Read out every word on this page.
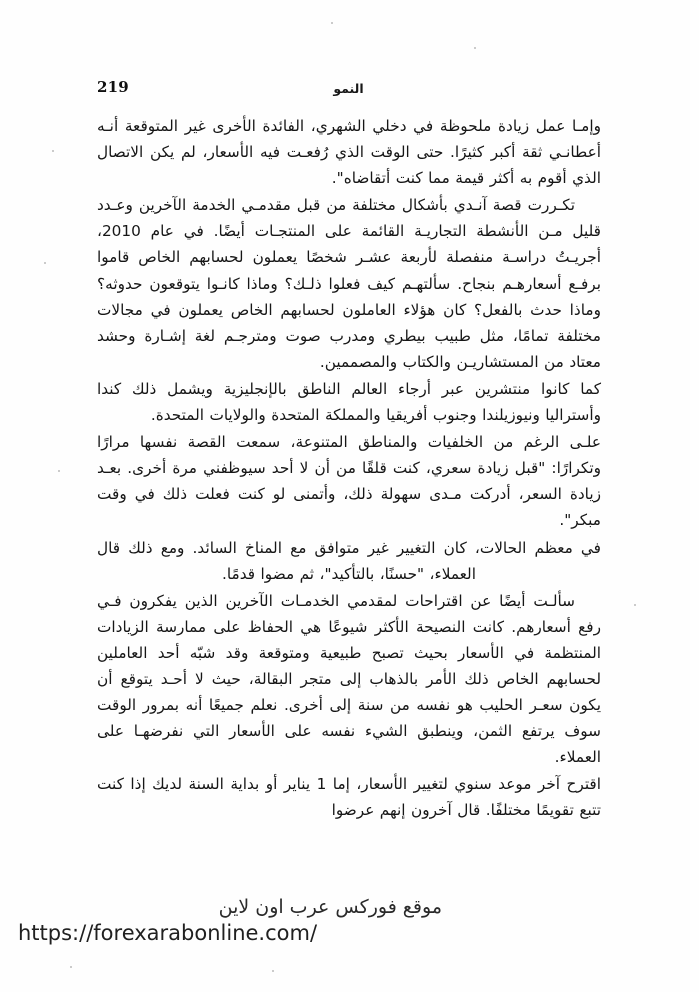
219	النمو

وإمـا عمل زيادة ملحوظة في دخلي الشهري، الفائدة الأخرى غير المتوقعة أنـه أعطانـي ثقة أكبر كثيرًا. حتى الوقت الذي رُفعـت فيه الأسعار، لم يكن الاتصال الذي أقوم به أكثر قيمة مما كنت أتقاضاه".

تكـررت قصة آنـدي بأشكال مختلفة من قبل مقدمـي الخدمة الآخرين وعـدد قليل مـن الأنشطة التجاريـة القائمة على المنتجـات أيضًا. في عام 2010، أجريـتُ دراسـة منفصلة لأربعة عشـر شخصًا يعملون لحسابهم الخاص قاموا برفـع أسعارهـم بنجاح. سألتهـم كيف فعلوا ذلـك؟ وماذا كانـوا يتوقعون حدوثه؟ وماذا حدث بالفعل؟ كان هؤلاء العاملون لحسابهم الخاص يعملون في مجالات مختلفة تمامًا، مثل طبيب بيطري ومدرب صوت ومترجـم لغة إشـارة وحشد معتاد من المستشاريـن والكتاب والمصممين.

كما كانوا منتشرين عبر أرجاء العالم الناطق بالإنجليزية ويشمل ذلك كندا وأستراليا ونيوزيلندا وجنوب أفريقيا والمملكة المتحدة والولايات المتحدة.

علـى الرغم من الخلفيات والمناطق المتنوعة، سمعت القصة نفسها مرارًا وتكرارًا: "قبل زيادة سعري، كنت قلقًا من أن لا أحد سيوظفني مرة أخرى. بعـد زيادة السعر، أدركت مـدى سهولة ذلك، وأتمنى لو كنت فعلت ذلك في وقت مبكر".

في معظم الحالات، كان التغيير غير متوافق مع المناخ السائد. ومع ذلك قال العملاء، "حسنًا، بالتأكيد"، ثم مضوا قدمًا.

سألـت أيضًا عن اقتراحات لمقدمي الخدمـات الآخرين الذين يفكرون فـي رفع أسعارهم. كانت النصيحة الأكثر شيوعًا هي الحفاظ على ممارسة الزيادات المنتظمة في الأسعار بحيث تصبح طبيعية ومتوقعة وقد شبّه أحد العاملين لحسابهم الخاص ذلك الأمر بالذهاب إلى متجر البقالة، حيث لا أحـد يتوقع أن يكون سعـر الحليب هو نفسه من سنة إلى أخرى. نعلم جميعًا أنه بمرور الوقت سوف يرتفع الثمن، وينطبق الشيء نفسه على الأسعار التي نفرضهـا على العملاء.

اقترح آخر موعد سنوي لتغيير الأسعار، إما 1 يناير أو بداية السنة لديك إذا كنت تتبع تقويمًا مختلفًا. قال آخرون إنهم عرضوا

موقع فوركس عرب اون لاين
https://forexarabonline.com/
